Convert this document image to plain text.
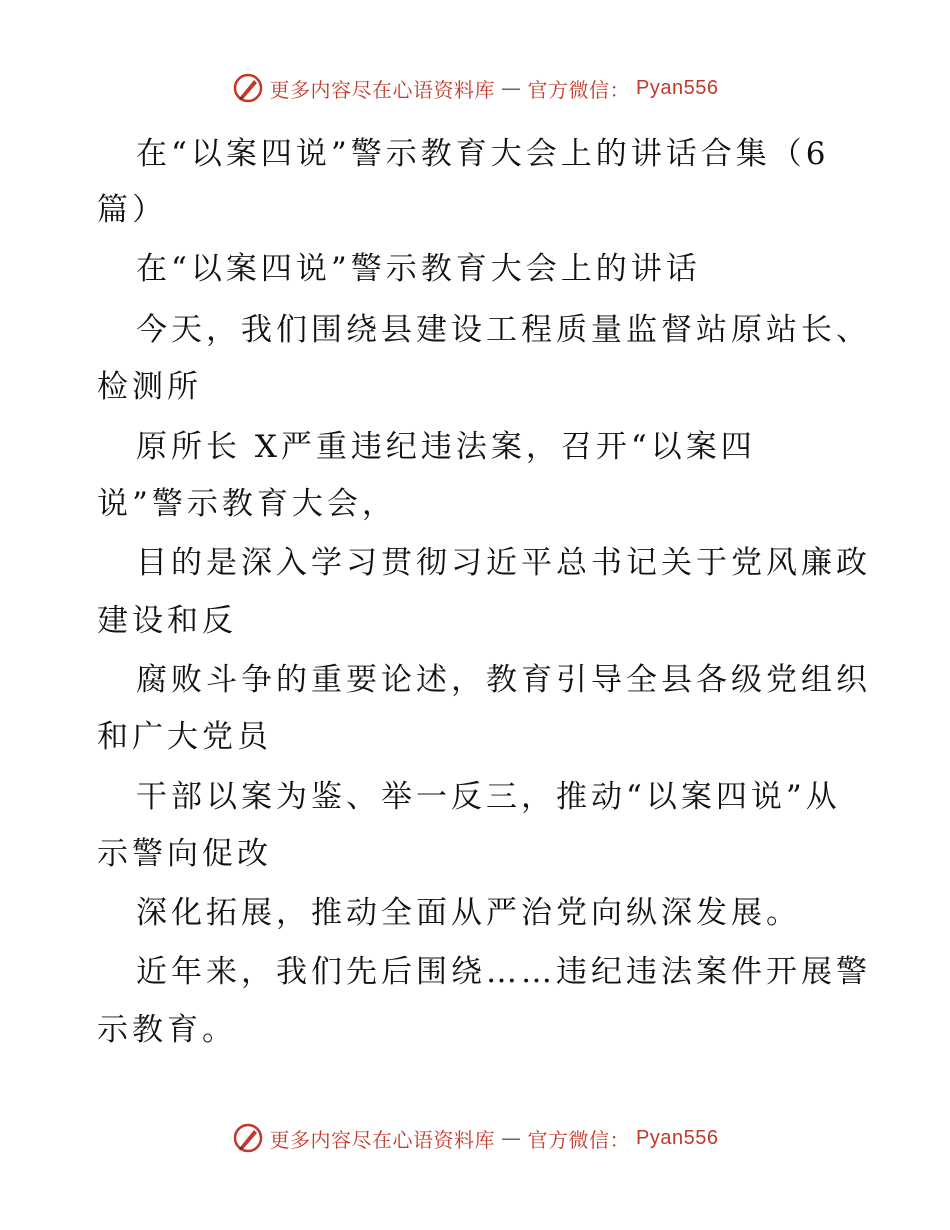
更多内容尽在心语资料库 — 官方微信： Pyan556
在“以案四说”警示教育大会上的讲话合集（6
篇）
在“以案四说”警示教育大会上的讲话
今天，我们围绕县建设工程质量监督站原站长、
检测所
原所长 X严重违纪违法案，召开“以案四
说”警示教育大会，
目的是深入学习贯彻习近平总书记关于党风廉政
建设和反
腐败斗争的重要论述，教育引导全县各级党组织
和广大党员
干部以案为鉴、举一反三，推动“以案四说”从
示警向促改
深化拓展，推动全面从严治党向纵深发展。
近年来，我们先后围绕……违纪违法案件开展警
示教育。
更多内容尽在心语资料库 — 官方微信： Pyan556
